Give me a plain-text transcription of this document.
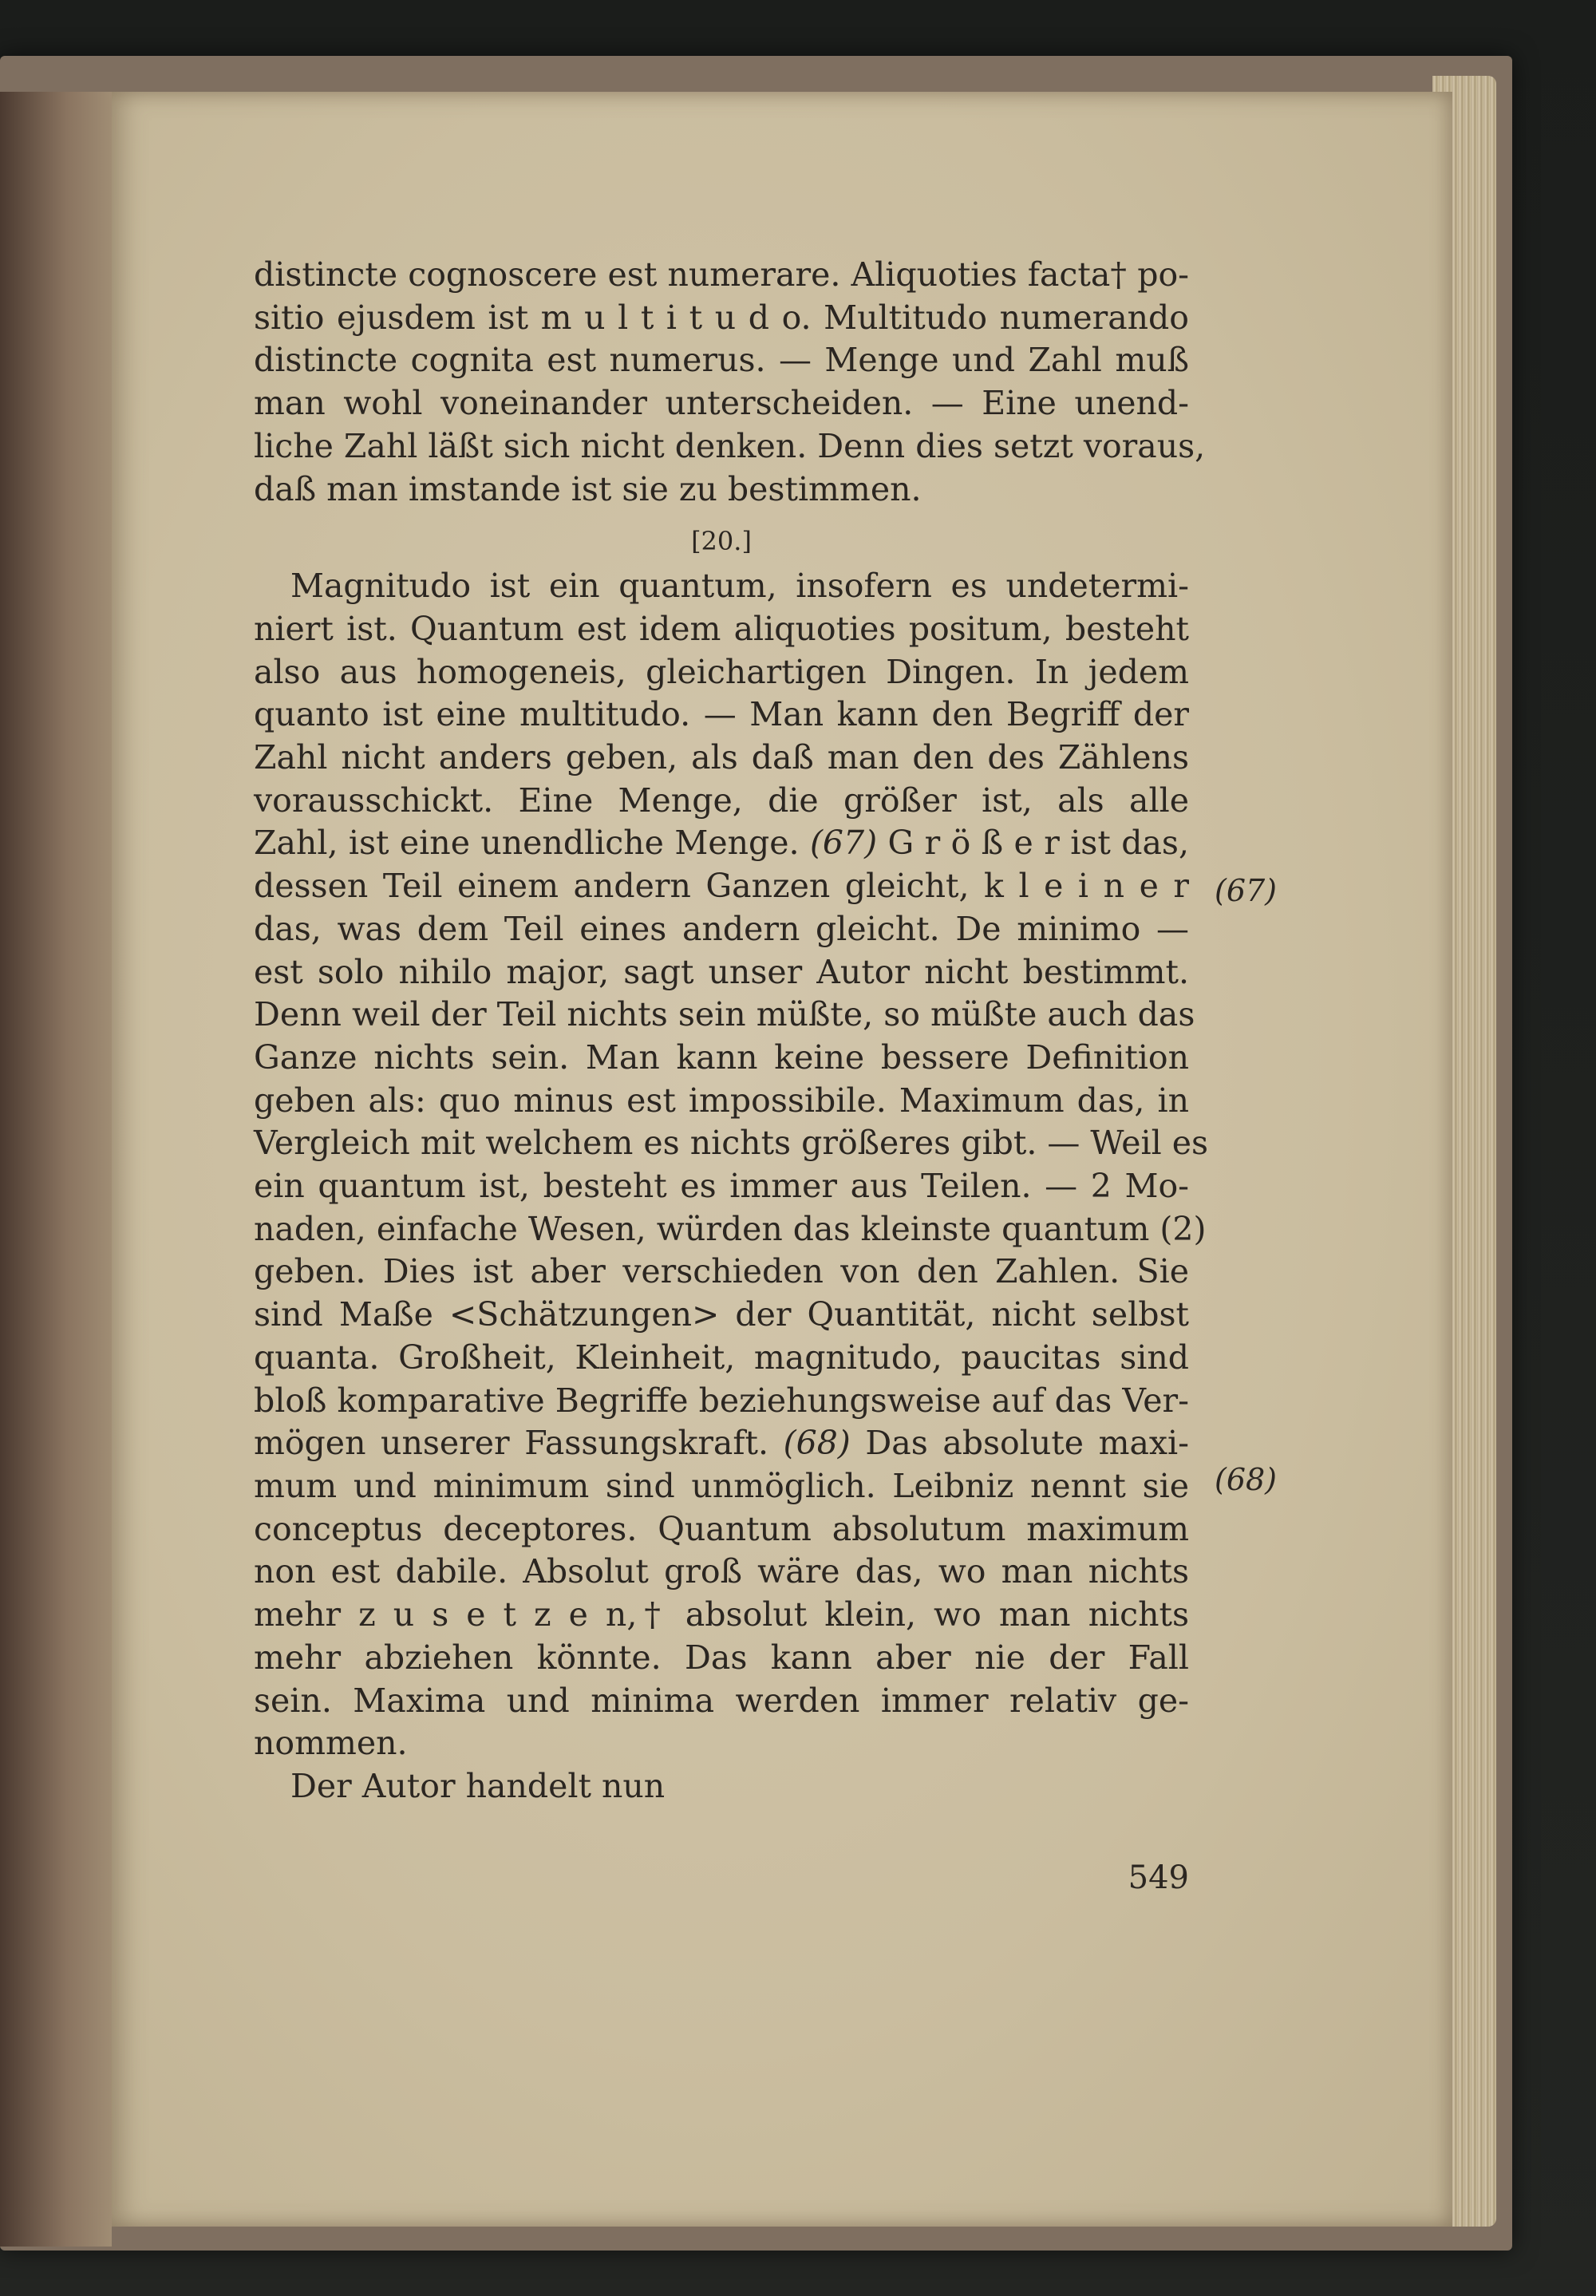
distincte cognoscere est numerare. Aliquoties facta† po-
sitio ejusdem ist m u l t i t u d o. Multitudo numerando
distincte cognita est numerus. — Menge und Zahl muß
man wohl voneinander unterscheiden. — Eine unend-
liche Zahl läßt sich nicht denken. Denn dies setzt voraus,
daß man imstande ist sie zu bestimmen.
[20.]
Magnitudo ist ein quantum, insofern es undetermi-
niert ist. Quantum est idem aliquoties positum, besteht
also aus homogeneis, gleichartigen Dingen. In jedem
quanto ist eine multitudo. — Man kann den Begriff der
Zahl nicht anders geben, als daß man den des Zählens
vorausschickt. Eine Menge, die größer ist, als alle
Zahl, ist eine unendliche Menge. (67) G r ö ß e r ist das,
dessen Teil einem andern Ganzen gleicht, k l e i n e r
das, was dem Teil eines andern gleicht. De minimo —
est solo nihilo major, sagt unser Autor nicht bestimmt.
Denn weil der Teil nichts sein müßte, so müßte auch das
Ganze nichts sein. Man kann keine bessere Definition
geben als: quo minus est impossibile. Maximum das, in
Vergleich mit welchem es nichts größeres gibt. — Weil es
ein quantum ist, besteht es immer aus Teilen. — 2 Mo-
naden, einfache Wesen, würden das kleinste quantum (2)
geben. Dies ist aber verschieden von den Zahlen. Sie
sind Maße <Schätzungen> der Quantität, nicht selbst
quanta. Großheit, Kleinheit, magnitudo, paucitas sind
bloß komparative Begriffe beziehungsweise auf das Ver-
mögen unserer Fassungskraft. (68) Das absolute maxi-
mum und minimum sind unmöglich. Leibniz nennt sie
conceptus deceptores. Quantum absolutum maximum
non est dabile. Absolut groß wäre das, wo man nichts
mehr z u s e t z e n,† absolut klein, wo man nichts
mehr abziehen könnte. Das kann aber nie der Fall
sein. Maxima und minima werden immer relativ ge-
nommen.
Der Autor handelt nun
(67)
(68)
549
